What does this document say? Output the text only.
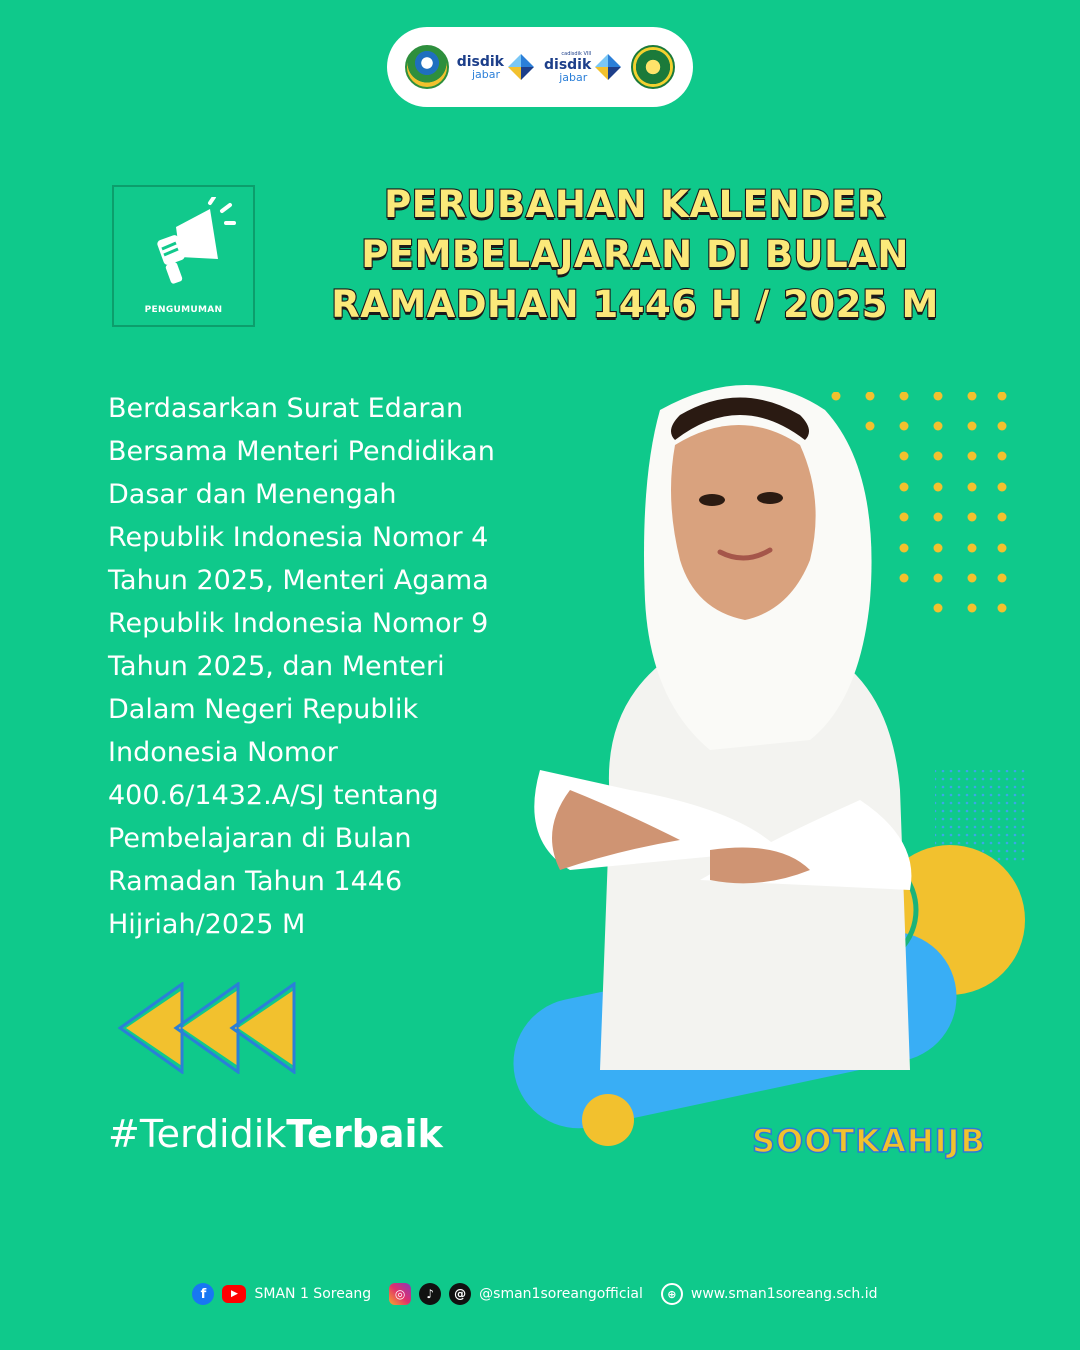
disdik
jabar
cadisdik VIII
disdik
jabar
PENGUMUMAN
PERUBAHAN KALENDER
PEMBELAJARAN DI BULAN
RAMADHAN 1446 H / 2025 M

Berdasarkan Surat Edaran
Bersama Menteri Pendidikan
Dasar dan Menengah
Republik Indonesia Nomor 4
Tahun 2025, Menteri Agama
Republik Indonesia Nomor 9
Tahun 2025, dan Menteri
Dalam Negeri Republik
Indonesia Nomor
400.6/1432.A/SJ tentang
Pembelajaran di Bulan
Ramadan Tahun 1446
Hijriah/2025 M

#TerdidikTerbaik	SOOTKAHIJB
f	▶	SMAN 1 Soreang	◎	♪	@ @sman1soreangofficial	⊕	www.sman1soreang.sch.id
